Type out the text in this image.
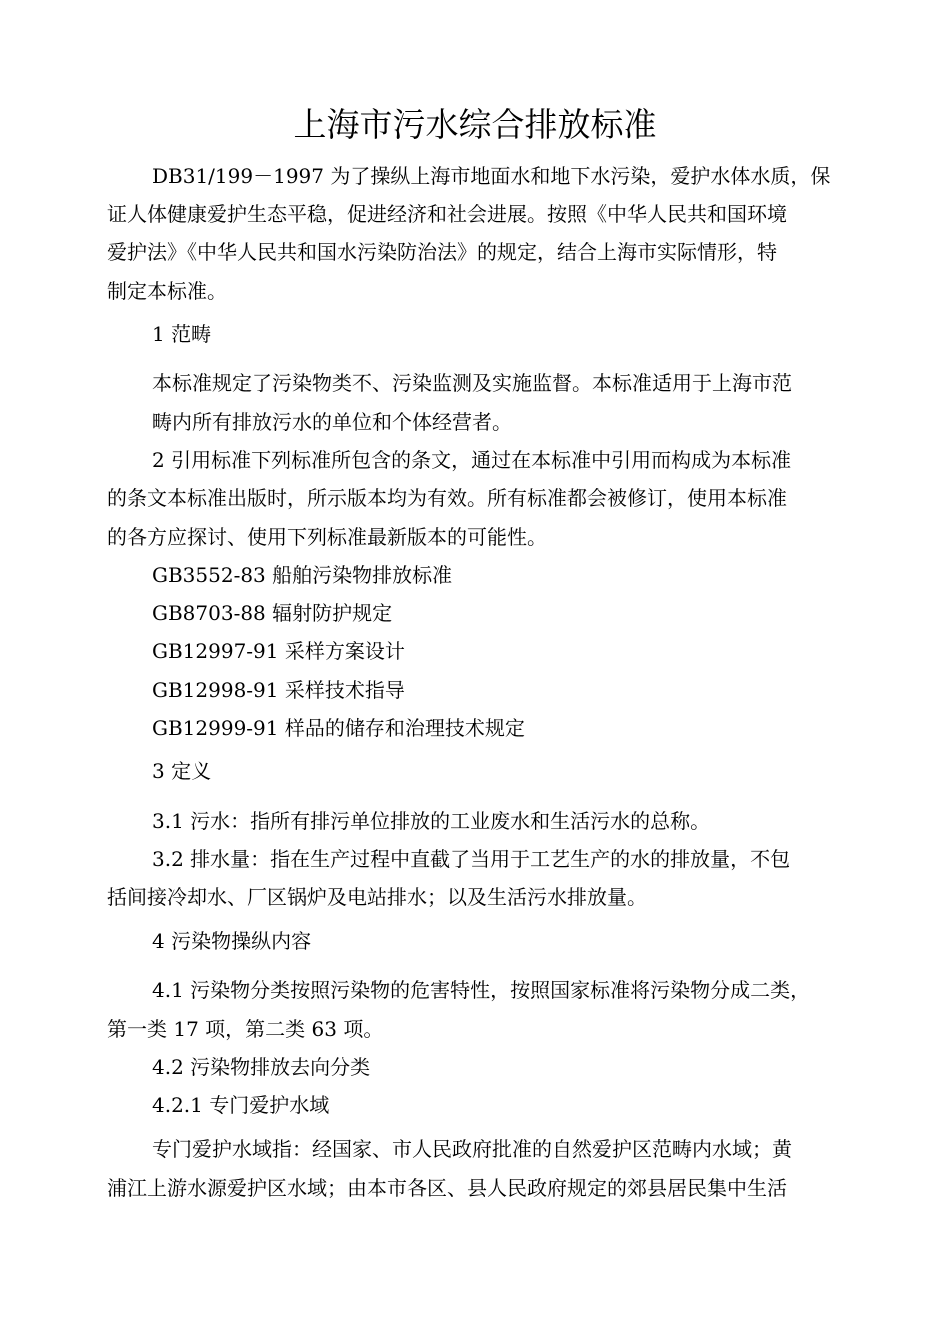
上海市污水综合排放标准
DB31/199－1997 为了操纵上海市地面水和地下水污染，爱护水体水质，保
证人体健康爱护生态平稳，促进经济和社会进展。按照《中华人民共和国环境
爱护法》《中华人民共和国水污染防治法》的规定，结合上海市实际情形，特
制定本标准。
1 范畴
本标准规定了污染物类不、污染监测及实施监督。本标准适用于上海市范
畴内所有排放污水的单位和个体经营者。
2 引用标准下列标准所包含的条文，通过在本标准中引用而构成为本标准
的条文本标准出版时，所示版本均为有效。所有标准都会被修订，使用本标准
的各方应探讨、使用下列标准最新版本的可能性。
GB3552-83 船舶污染物排放标准
GB8703-88 辐射防护规定
GB12997-91 采样方案设计
GB12998-91 采样技术指导
GB12999-91 样品的储存和治理技术规定
3 定义
3.1 污水：指所有排污单位排放的工业废水和生活污水的总称。
3.2 排水量：指在生产过程中直截了当用于工艺生产的水的排放量，不包
括间接冷却水、厂区锅炉及电站排水；以及生活污水排放量。
4 污染物操纵内容
4.1 污染物分类按照污染物的危害特性，按照国家标准将污染物分成二类，
第一类 17 项，第二类 63 项。
4.2 污染物排放去向分类
4.2.1 专门爱护水域
专门爱护水域指：经国家、市人民政府批准的自然爱护区范畴内水域；黄
浦江上游水源爱护区水域；由本市各区、县人民政府规定的郊县居民集中生活
